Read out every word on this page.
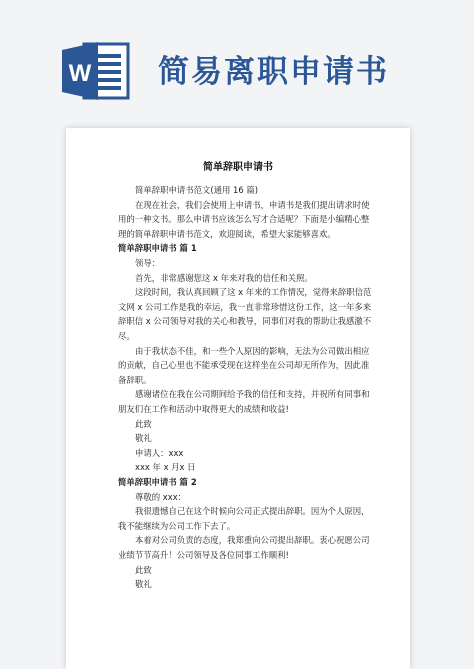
W 简易离职申请书
简单辞职申请书
简单辞职申请书范文(通用 16 篇)
在现在社会，我们会使用上申请书，申请书是我们提出请求时使
用的一种文书。那么申请书应该怎么写才合适呢？下面是小编精心整
理的简单辞职申请书范文，欢迎阅读，希望大家能够喜欢。
简单辞职申请书 篇 1
领导：
首先，非常感谢您这 x 年来对我的信任和关照。
这段时间，我认真回顾了这 x 年来的工作情况，觉得来辞职信范
文网 x 公司工作是我的幸运，我一直非常珍惜这份工作，这一年多来
辞职信 x 公司领导对我的关心和教导，同事们对我的帮助让我感激不
尽。
由于我状态不佳，和一些个人原因的影响，无法为公司做出相应
的贡献，自己心里也不能承受现在这样坐在公司却无所作为，因此准
备辞职。
感谢诸位在我在公司期间给予我的信任和支持，并祝所有同事和
朋友们在工作和活动中取得更大的成绩和收益!
此致
敬礼
申请人：xxx
xxx 年 x 月x 日
简单辞职申请书 篇 2
尊敬的 xxx：
我很遗憾自己在这个时候向公司正式提出辞职。因为个人原因，
我不能继续为公司工作下去了。
本着对公司负责的态度，我郑重向公司提出辞职。衷心祝愿公司
业绩节节高升！公司领导及各位同事工作顺利!
此致
敬礼
